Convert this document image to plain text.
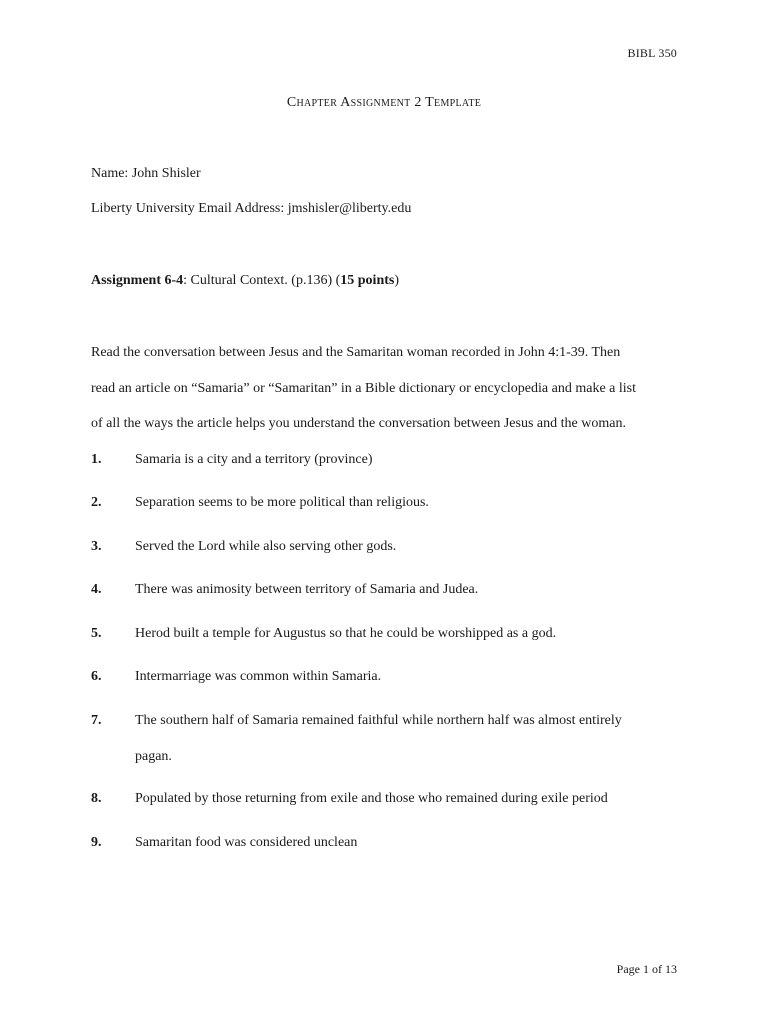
BIBL 350
Chapter Assignment 2 Template
Name: John Shisler
Liberty University Email Address: jmshisler@liberty.edu
Assignment 6-4: Cultural Context. (p.136) (15 points)

Read the conversation between Jesus and the Samaritan woman recorded in John 4:1-39. Then

read an article on “Samaria” or “Samaritan” in a Bible dictionary or encyclopedia and make a list

of all the ways the article helps you understand the conversation between Jesus and the woman.

1.	Samaria is a city and a territory (province)
2.	Separation seems to be more political than religious.
3.	Served the Lord while also serving other gods.
4.	There was animosity between territory of Samaria and Judea.
5.	Herod built a temple for Augustus so that he could be worshipped as a god.
6.	Intermarriage was common within Samaria.
7.	The southern half of Samaria remained faithful while northern half was almost entirely
pagan.
8.	Populated by those returning from exile and those who remained during exile period
9.	Samaritan food was considered unclean
Page 1 of 13
